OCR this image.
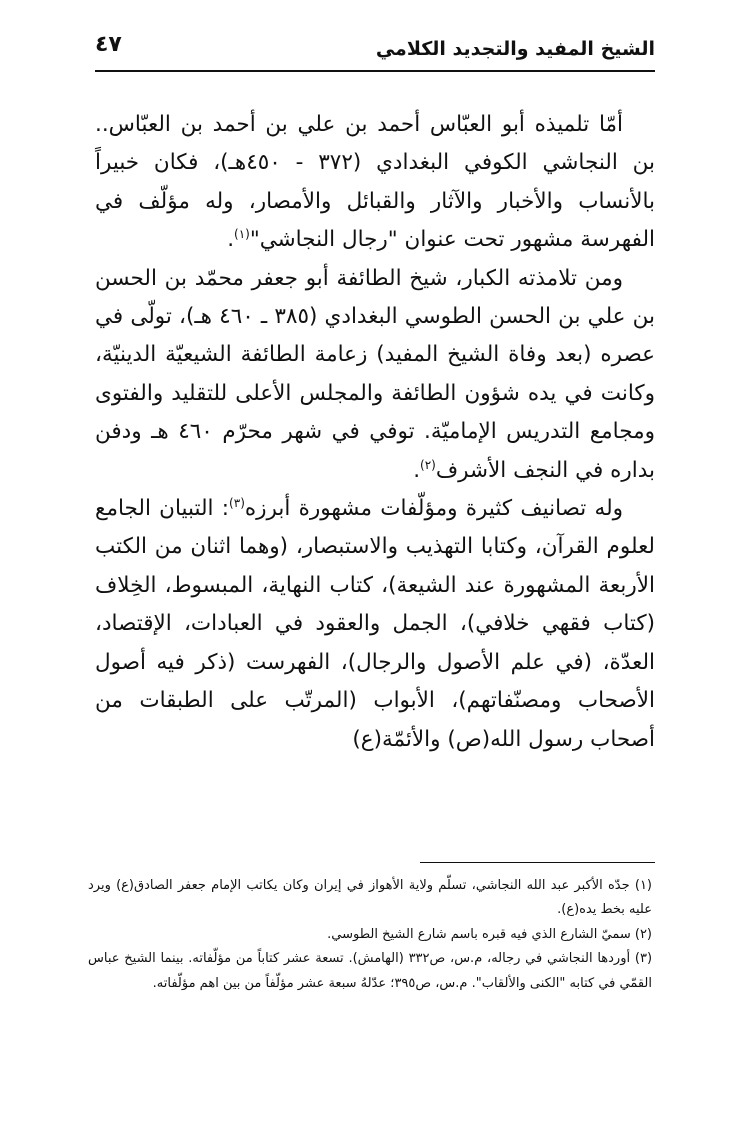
الشيخ المفيد والتجديد الكلامي
٤٧

أمّا تلميذه أبو العبّاس أحمد بن علي بن أحمد بن العبّاس.. بن النجاشي الكوفي البغدادي (٣٧٢ - ٤٥٠هـ)، فكان خبيراً بالأنساب والأخبار والآثار والقبائل والأمصار، وله مؤلّف في الفهرسة مشهور تحت عنوان "رجال النجاشي"$^{(١)}$.

ومن تلامذته الكبار، شيخ الطائفة أبو جعفر محمّد بن الحسن بن علي بن الحسن الطوسي البغدادي (٣٨٥ ـ ٤٦٠ هـ)، تولّى في عصره (بعد وفاة الشيخ المفيد) زعامة الطائفة الشيعيّة الدينيّة، وكانت في يده شؤون الطائفة والمجلس الأعلى للتقليد والفتوى ومجامع التدريس الإماميّة. توفي في شهر محرّم ٤٦٠ هـ ودفن بداره في النجف الأشرف$^{(٢)}$.

وله تصانيف كثيرة ومؤلّفات مشهورة أبرزه$^{(٣)}$: التبيان الجامع لعلوم القرآن، وكتابا التهذيب والاستبصار، (وهما اثنان من الكتب الأربعة المشهورة عند الشيعة)، كتاب النهاية، المبسوط، الخِلاف (كتاب فقهي خلافي)، الجمل والعقود في العبادات، الإقتصاد، العدّة، (في علم الأصول والرجال)، الفهرست (ذكر فيه أصول الأصحاب ومصنّفاتهم)، الأبواب (المرتّب على الطبقات من أصحاب رسول الله(ص) والأئمّة(ع)

(١) جدّه الأكبر عبد الله النجاشي، تسلّم ولاية الأهواز في إيران وكان يكاتب الإمام جعفر الصادق(ع) ويرد عليه بخط يده(ع).

(٢) سميّ الشارع الذي فيه قبره باسم شارع الشيخ الطوسي.

(٣) أوردها النجاشي في رجاله، م.س، ص٣٣٢ (الهامش). تسعة عشر كتاباً من مؤلّفاته. بينما الشيخ عباس القمّي في كتابه "الكنى والألقاب". م.س، ص٣٩٥؛ عدّلهُ سبعة عشر مؤلّفاً من بين اهم مؤلّفاته.
